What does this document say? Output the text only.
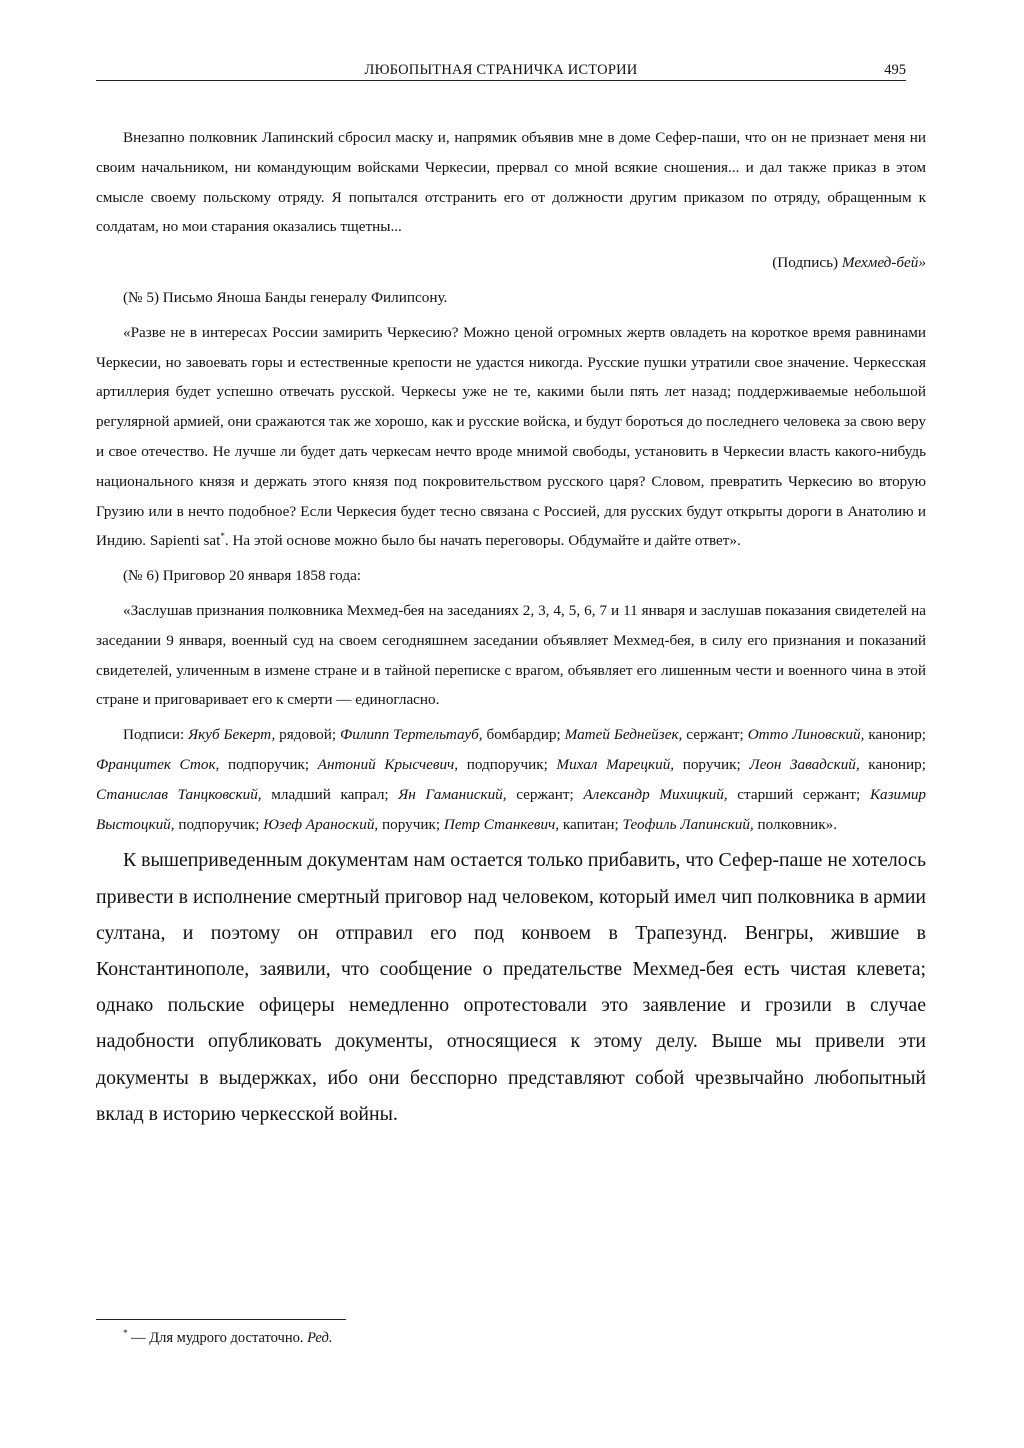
ЛЮБОПЫТНАЯ СТРАНИЧКА ИСТОРИИ	495

Внезапно полковник Лапинский сбросил маску и, напрямик объявив мне в доме Сефер-паши, что он не признает меня ни своим начальником, ни командующим войсками Черкесии, прервал со мной всякие сношения... и дал также приказ в этом смысле своему польскому отряду. Я попытался отстранить его от должности другим приказом по отряду, обращенным к солдатам, но мои старания оказались тщетны...

(Подпись) Мехмед-бей»

(№ 5) Письмо Яноша Банды генералу Филипсону.

«Разве не в интересах России замирить Черкесию? Можно ценой огромных жертв овладеть на короткое время равнинами Черкесии, но завоевать горы и естественные крепости не удастся никогда. Русские пушки утратили свое значение. Черкесская артиллерия будет успешно отвечать русской. Черкесы уже не те, какими были пять лет назад; поддерживаемые небольшой регулярной армией, они сражаются так же хорошо, как и русские войска, и будут бороться до последнего человека за свою веру и свое отечество. Не лучше ли будет дать черкесам нечто вроде мнимой свободы, установить в Черкесии власть какого-нибудь национального князя и держать этого князя под покровительством русского царя? Словом, превратить Черкесию во вторую Грузию или в нечто подобное? Если Черкесия будет тесно связана с Россией, для русских будут открыты дороги в Анатолию и Индию. Sapienti sat*. На этой основе можно было бы начать переговоры. Обдумайте и дайте ответ».

(№ 6) Приговор 20 января 1858 года:

«Заслушав признания полковника Мехмед-бея на заседаниях 2, 3, 4, 5, 6, 7 и 11 января и заслушав показания свидетелей на заседании 9 января, военный суд на своем сегодняшнем заседании объявляет Мехмед-бея, в силу его признания и показаний свидетелей, уличенным в измене стране и в тайной переписке с врагом, объявляет его лишенным чести и военного чина в этой стране и приговаривает его к смерти — единогласно.

Подписи: Якуб Бекерт, рядовой; Филипп Тертельтауб, бомбардир; Матей Беднейзек, сержант; Отто Линовский, канонир; Францитек Сток, подпоручик; Антоний Крысчевич, подпоручик; Михал Марецкий, поручик; Леон Завадский, канонир; Станислав Танцковский, младший капрал; Ян Гаманиский, сержант; Александр Михицкий, старший сержант; Казимир Выстоцкий, подпоручик; Юзеф Араноский, поручик; Петр Станкевич, капитан; Теофиль Лапинский, полковник».

К вышеприведенным документам нам остается только прибавить, что Сефер-паше не хотелось привести в исполнение смертный приговор над человеком, который имел чип полковника в армии султана, и поэтому он отправил его под конвоем в Трапезунд. Венгры, жившие в Константинополе, заявили, что сообщение о предательстве Мехмед-бея есть чистая клевета; однако польские офицеры немедленно опротестовали это заявление и грозили в случае надобности опубликовать документы, относящиеся к этому делу. Выше мы привели эти документы в выдержках, ибо они бесспорно представляют собой чрезвычайно любопытный вклад в историю черкесской войны.

* — Для мудрого достаточно. Ред.
